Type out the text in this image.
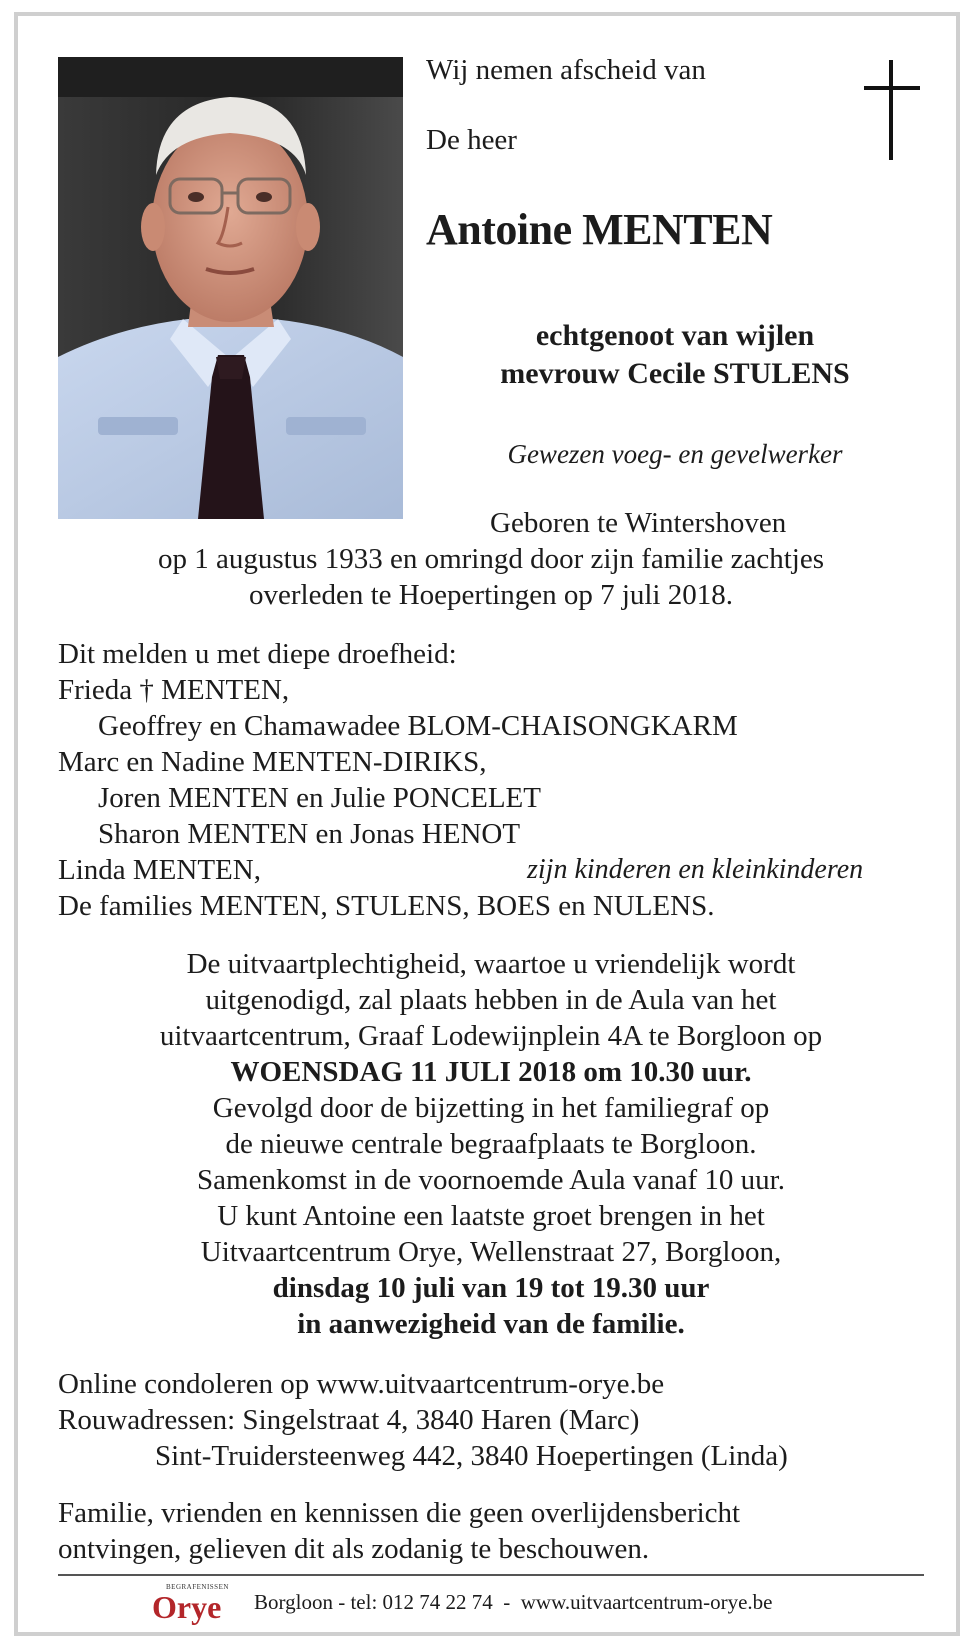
Wij nemen afscheid van
De heer
Antoine MENTEN
echtgenoot van wijlen
mevrouw Cecile STULENS
Gewezen voeg- en gevelwerker
Geboren te Wintershoven
op 1 augustus 1933 en omringd door zijn familie zachtjes
overleden te Hoepertingen op 7 juli 2018.
Dit melden u met diepe droefheid:
Frieda † MENTEN,
Geoffrey en Chamawadee BLOM-CHAISONGKARM
Marc en Nadine MENTEN-DIRIKS,
Joren MENTEN en Julie PONCELET
Sharon MENTEN en Jonas HENOT
Linda MENTEN,	zijn kinderen en kleinkinderen
De families MENTEN, STULENS, BOES en NULENS.
De uitvaartplechtigheid, waartoe u vriendelijk wordt
uitgenodigd, zal plaats hebben in de Aula van het
uitvaartcentrum, Graaf Lodewijnplein 4A te Borgloon op
WOENSDAG 11 JULI 2018 om 10.30 uur.
Gevolgd door de bijzetting in het familiegraf op
de nieuwe centrale begraafplaats te Borgloon.
Samenkomst in de voornoemde Aula vanaf 10 uur.
U kunt Antoine een laatste groet brengen in het
Uitvaartcentrum Orye, Wellenstraat 27, Borgloon,
dinsdag 10 juli van 19 tot 19.30 uur
in aanwezigheid van de familie.
Online condoleren op www.uitvaartcentrum-orye.be
Rouwadressen: Singelstraat 4, 3840 Haren (Marc)
Sint-Truidersteenweg 442, 3840 Hoepertingen (Linda)
Familie, vrienden en kennissen die geen overlijdensbericht
ontvingen, gelieven dit als zodanig te beschouwen.
BEGRAFENISSEN
Orye Borgloon - tel: 012 74 22 74  -  www.uitvaartcentrum-orye.be
